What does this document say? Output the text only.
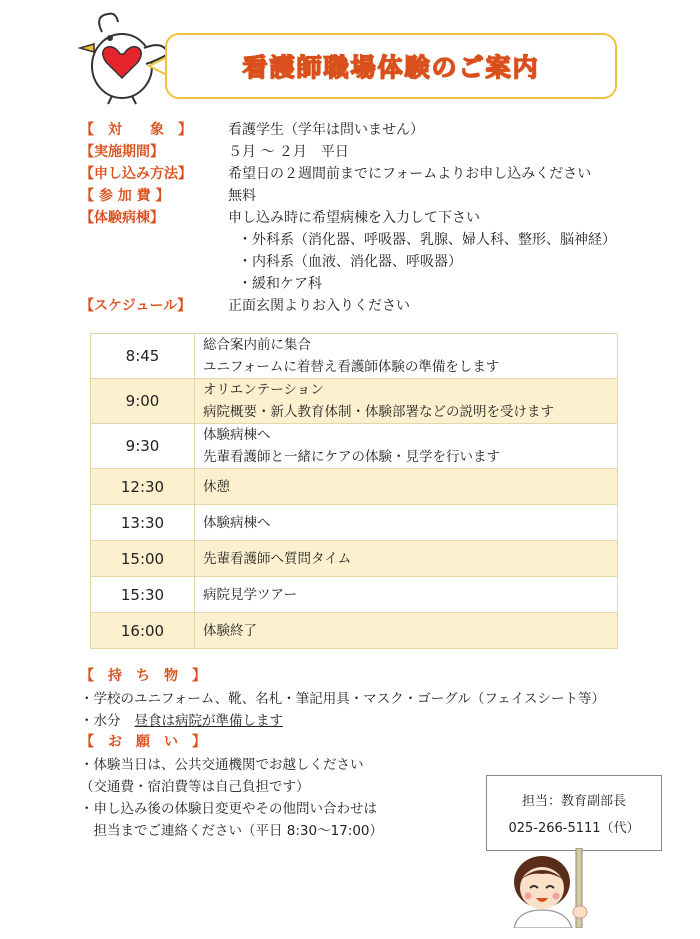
看護師職場体験のご案内
【　対　　象　】	看護学生（学年は問いません）
【実施期間】	５月 ～ ２月　平日
【申し込み方法】	希望日の２週間前までにフォームよりお申し込みください
【 参 加 費 】	無料
【体験病棟】	申し込み時に希望病棟を入力して下さい
・外科系（消化器、呼吸器、乳腺、婦人科、整形、脳神経）
・内科系（血液、消化器、呼吸器）
・緩和ケア科
【スケジュール】	正面玄関よりお入りください
8:45	総合案内前に集合
ユニフォームに着替え看護師体験の準備をします

9:00	オリエンテーション
病院概要・新人教育体制・体験部署などの説明を受けます

9:30	体験病棟へ
先輩看護師と一緒にケアの体験・見学を行います

12:30	休憩
13:30	体験病棟へ
15:00	先輩看護師へ質問タイム
15:30	病院見学ツアー
16:00	体験終了
【　持　ち　物　】
・学校のユニフォーム、靴、名札・筆記用具・マスク・ゴーグル（フェイスシート等）
・水分 昼食は病院が準備します
【　お　願　い　】
・体験当日は、公共交通機関でお越しください
（交通費・宿泊費等は自己負担です）
・申し込み後の体験日変更やその他問い合わせは
　担当までご連絡ください（平日 8:30～17:00）
担当：教育副部長
025-266-5111（代）
